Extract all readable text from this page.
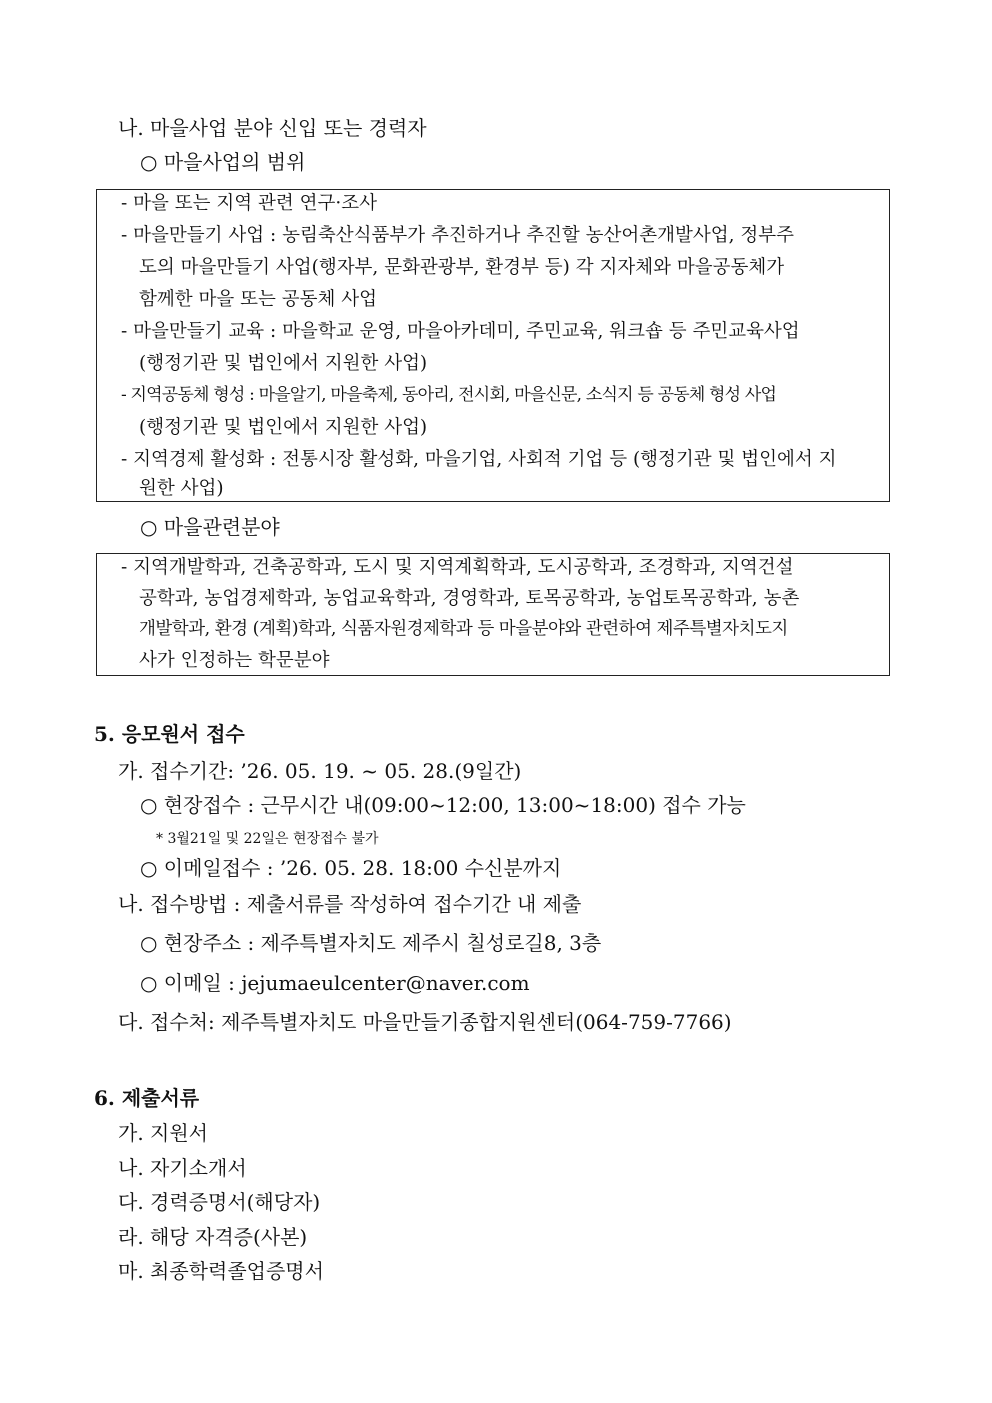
나. 마을사업 분야 신입 또는 경력자
○ 마을사업의 범위
- 마을 또는 지역 관련 연구·조사
- 마을만들기 사업 : 농림축산식품부가 추진하거나 추진할 농산어촌개발사업, 정부주
도의 마을만들기 사업(행자부, 문화관광부, 환경부 등) 각 지자체와 마을공동체가
함께한 마을 또는 공동체 사업
- 마을만들기 교육 : 마을학교 운영, 마을아카데미, 주민교육, 워크숍 등 주민교육사업
(행정기관 및 법인에서 지원한 사업)
- 지역공동체 형성 : 마을알기, 마을축제, 동아리, 전시회, 마을신문, 소식지 등 공동체 형성 사업
(행정기관 및 법인에서 지원한 사업)
- 지역경제 활성화 : 전통시장 활성화, 마을기업, 사회적 기업 등 (행정기관 및 법인에서 지
원한 사업)
○ 마을관련분야
- 지역개발학과, 건축공학과, 도시 및 지역계획학과, 도시공학과, 조경학과, 지역건설
공학과, 농업경제학과, 농업교육학과, 경영학과, 토목공학과, 농업토목공학과, 농촌
개발학과, 환경 (계획)학과, 식품자원경제학과 등 마을분야와 관련하여 제주특별자치도지
사가 인정하는 학문분야
5. 응모원서 접수
가. 접수기간: ’26. 05. 19. ~ 05. 28.(9일간)
○ 현장접수 : 근무시간 내(09:00~12:00, 13:00~18:00) 접수 가능
* 3월21일 및 22일은 현장접수 불가
○ 이메일접수 : ’26. 05. 28. 18:00 수신분까지
나. 접수방법 : 제출서류를 작성하여 접수기간 내 제출
○ 현장주소 : 제주특별자치도 제주시 칠성로길8, 3층
○ 이메일 : jejumaeulcenter@naver.com
다. 접수처: 제주특별자치도 마을만들기종합지원센터(064-759-7766)
6. 제출서류
가. 지원서
나. 자기소개서
다. 경력증명서(해당자)
라. 해당 자격증(사본)
마. 최종학력졸업증명서
